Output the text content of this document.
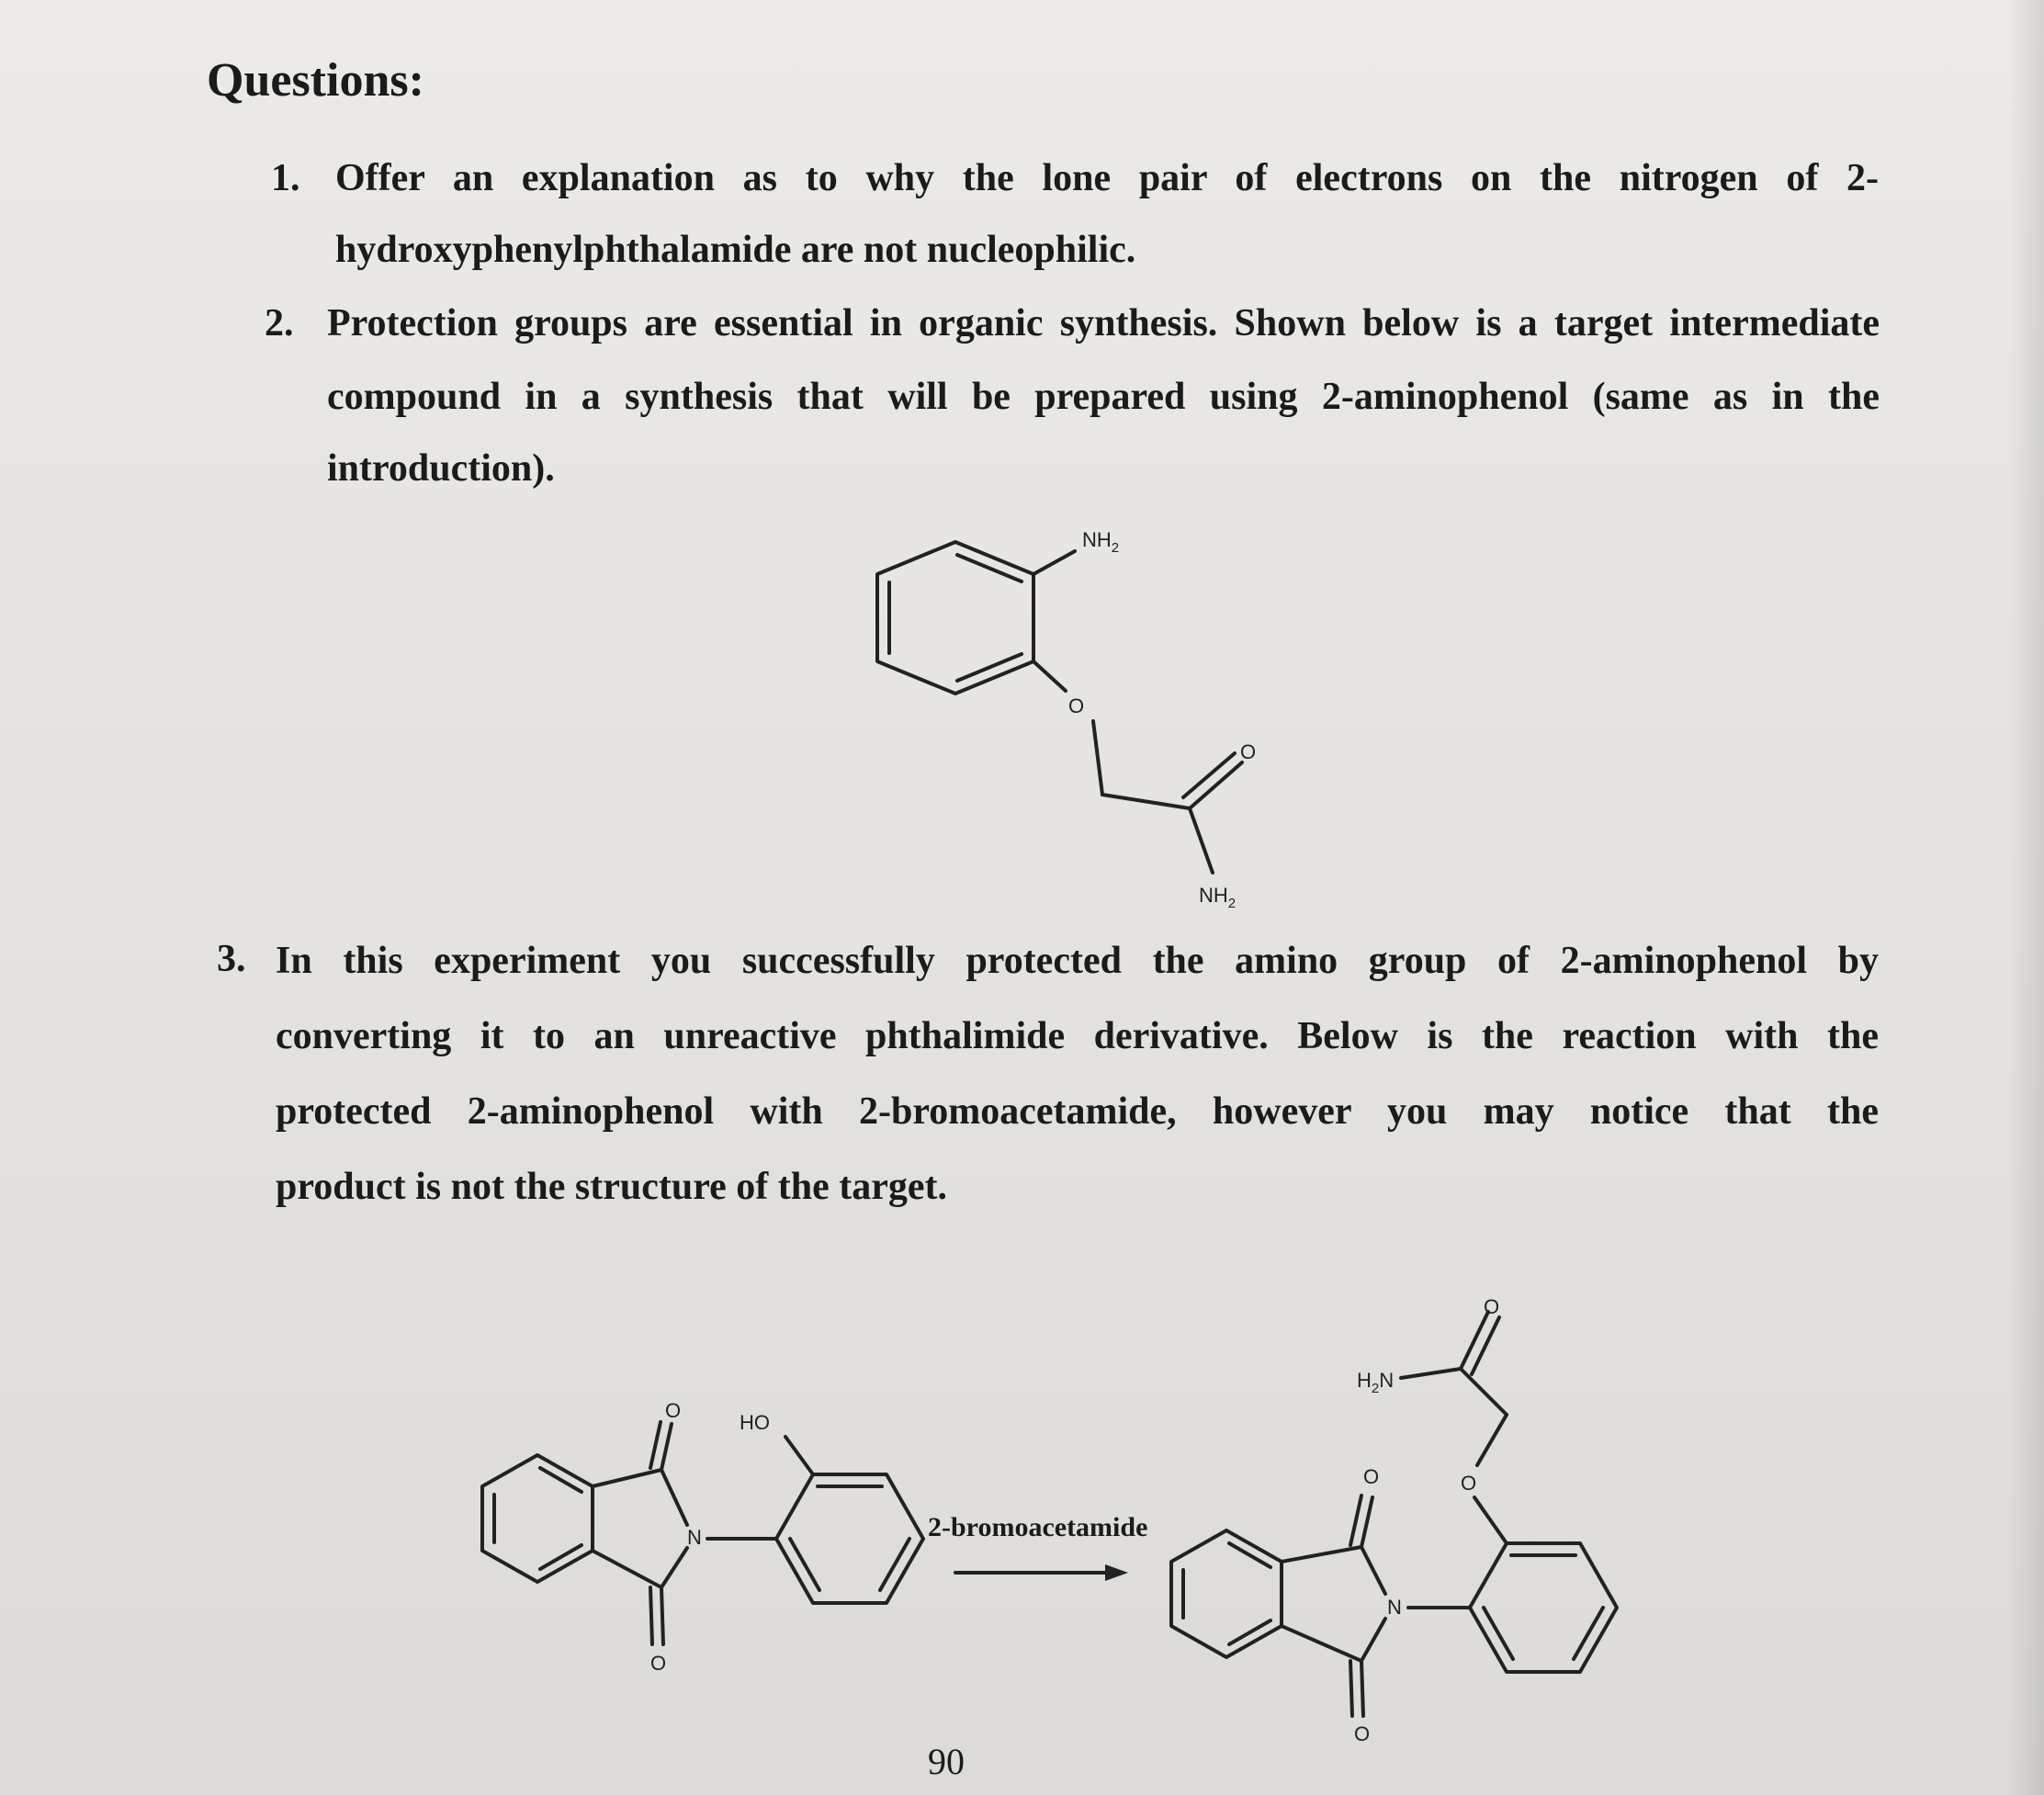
Questions:
1. Offer an explanation as to why the lone pair of electrons on the nitrogen of 2-
hydroxyphenylphthalamide are not nucleophilic.
2. Protection groups are essential in organic synthesis. Shown below is a target intermediate
compound in a synthesis that will be prepared using 2-aminophenol (same as in the
introduction).
3. In this experiment you successfully protected the amino group of 2-aminophenol by
converting it to an unreactive phthalimide derivative. Below is the reaction with the
protected 2-aminophenol with 2-bromoacetamide, however you may notice that the
product is not the structure of the target.
$NH_2$
O
O
$NH_2$
O
O
N
HO
O
O
N
O
O
$H_2N$
2-bromoacetamide
90
